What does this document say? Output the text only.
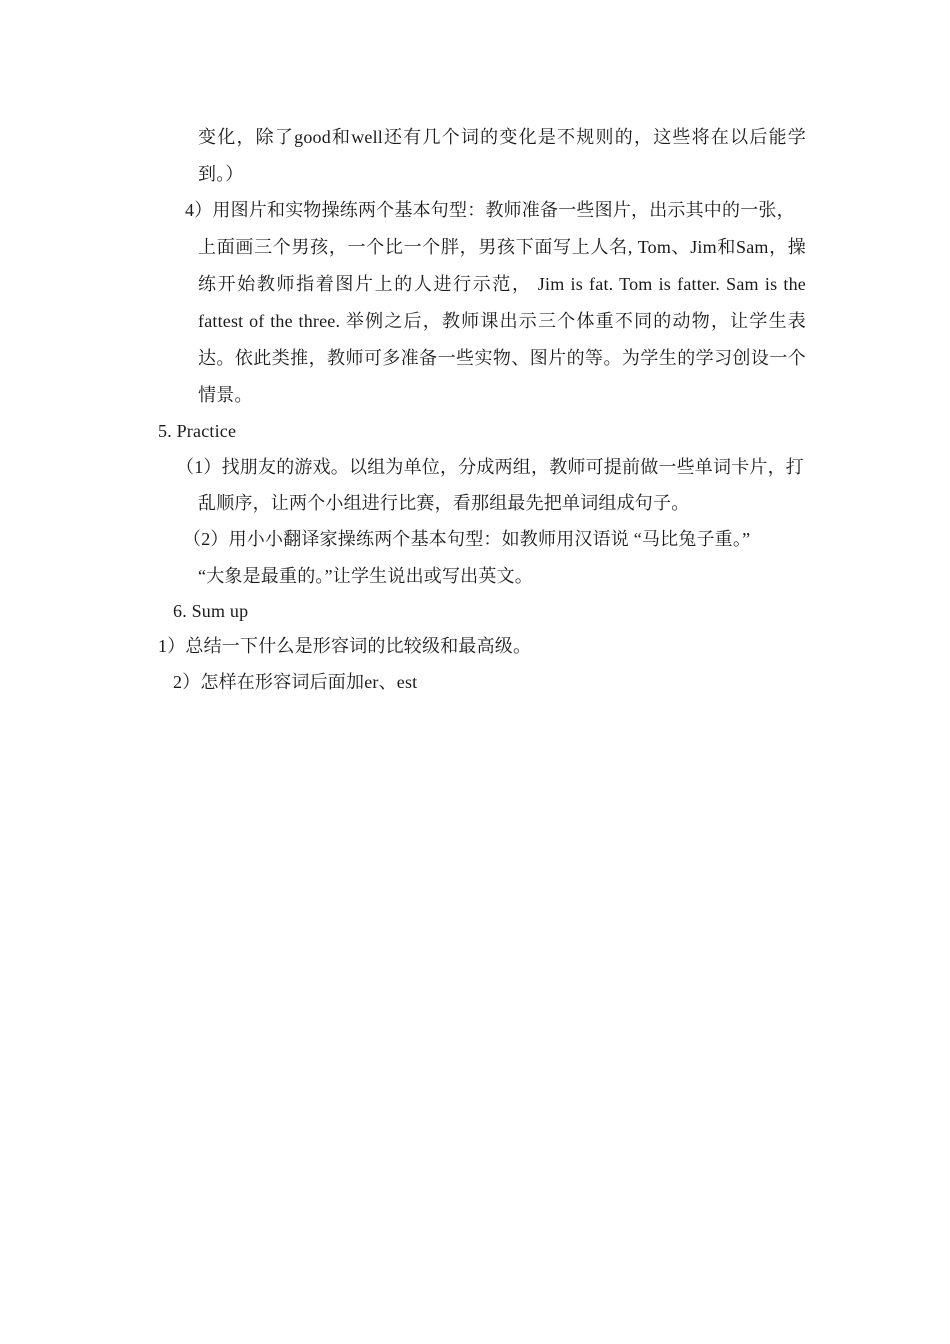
变化，除了good和well还有几个词的变化是不规则的，这些将在以后能学
到。）
4）用图片和实物操练两个基本句型：教师准备一些图片，出示其中的一张，
上面画三个男孩，一个比一个胖，男孩下面写上人名, Tom、Jim和Sam，操
练开始教师指着图片上的人进行示范， Jim is fat. Tom is fatter. Sam is the
fattest of the three. 举例之后，教师课出示三个体重不同的动物，让学生表
达。依此类推，教师可多准备一些实物、图片的等。为学生的学习创设一个
情景。
5. Practice
（1）找朋友的游戏。以组为单位，分成两组，教师可提前做一些单词卡片，打
乱顺序，让两个小组进行比赛，看那组最先把单词组成句子。
（2）用小小翻译家操练两个基本句型：如教师用汉语说 “马比兔子重。”
“大象是最重的。”让学生说出或写出英文。
6. Sum up
1）总结一下什么是形容词的比较级和最高级。
2）怎样在形容词后面加er、est
